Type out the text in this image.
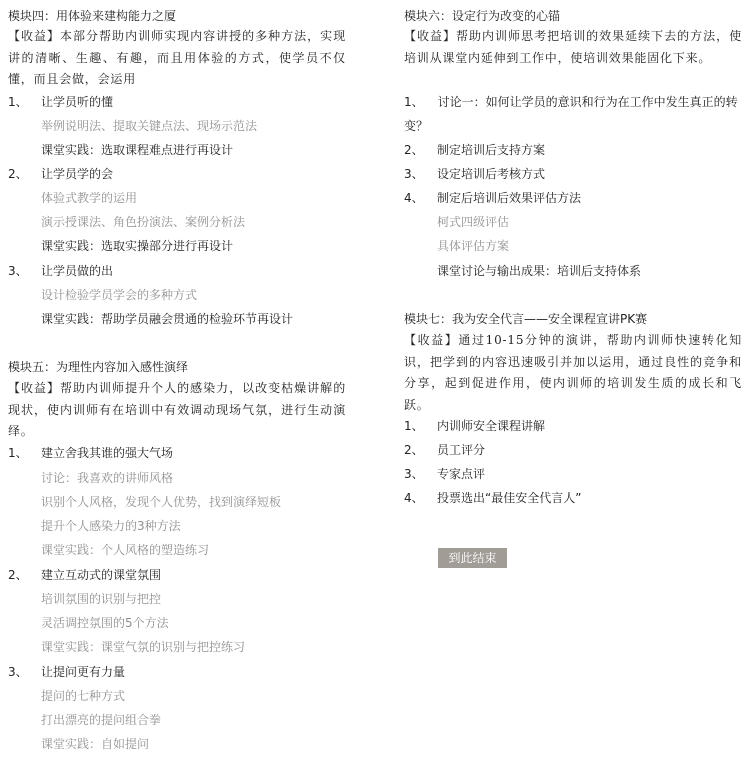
模块四：用体验来建构能力之厦
【收益】本部分帮助内训师实现内容讲授的多种方法，实现讲的清晰、生趣、有趣，而且用体验的方式，使学员不仅懂，而且会做，会运用
1、 让学员听的懂
举例说明法、提取关键点法、现场示范法
课堂实践：选取课程难点进行再设计
2、 让学员学的会
体验式教学的运用
演示授课法、角色扮演法、案例分析法
课堂实践：选取实操部分进行再设计
3、 让学员做的出
设计检验学员学会的多种方式
课堂实践：帮助学员融会贯通的检验环节再设计
模块五：为理性内容加入感性演绎
【收益】帮助内训师提升个人的感染力，以改变枯燥讲解的现状，使内训师有在培训中有效调动现场气氛，进行生动演绎。
1、 建立舍我其谁的强大气场
讨论：我喜欢的讲师风格
识别个人风格，发现个人优势，找到演绎短板
提升个人感染力的3种方法
课堂实践：个人风格的塑造练习
2、 建立互动式的课堂氛围
培训氛围的识别与把控
灵活调控氛围的5个方法
课堂实践：课堂气氛的识别与把控练习
3、 让提问更有力量
提问的七种方式
打出漂亮的提问组合拳
课堂实践：自如提问
模块六：设定行为改变的心锚
【收益】帮助内训师思考把培训的效果延续下去的方法，使培训从课堂内延伸到工作中，使培训效果能固化下来。
1、 讨论一：如何让学员的意识和行为在工作中发生真正的转变？
2、 制定培训后支持方案
3、 设定培训后考核方式
4、 制定后培训后效果评估方法
柯式四级评估
具体评估方案
课堂讨论与输出成果：培训后支持体系
模块七：我为安全代言——安全课程宣讲PK赛
【收益】通过10-15分钟的演讲，帮助内训师快速转化知识，把学到的内容迅速吸引并加以运用，通过良性的竞争和分享，起到促进作用，使内训师的培训发生质的成长和飞跃。
1、 内训师安全课程讲解
2、 员工评分
3、 专家点评
4、 投票选出“最佳安全代言人”
到此结束
